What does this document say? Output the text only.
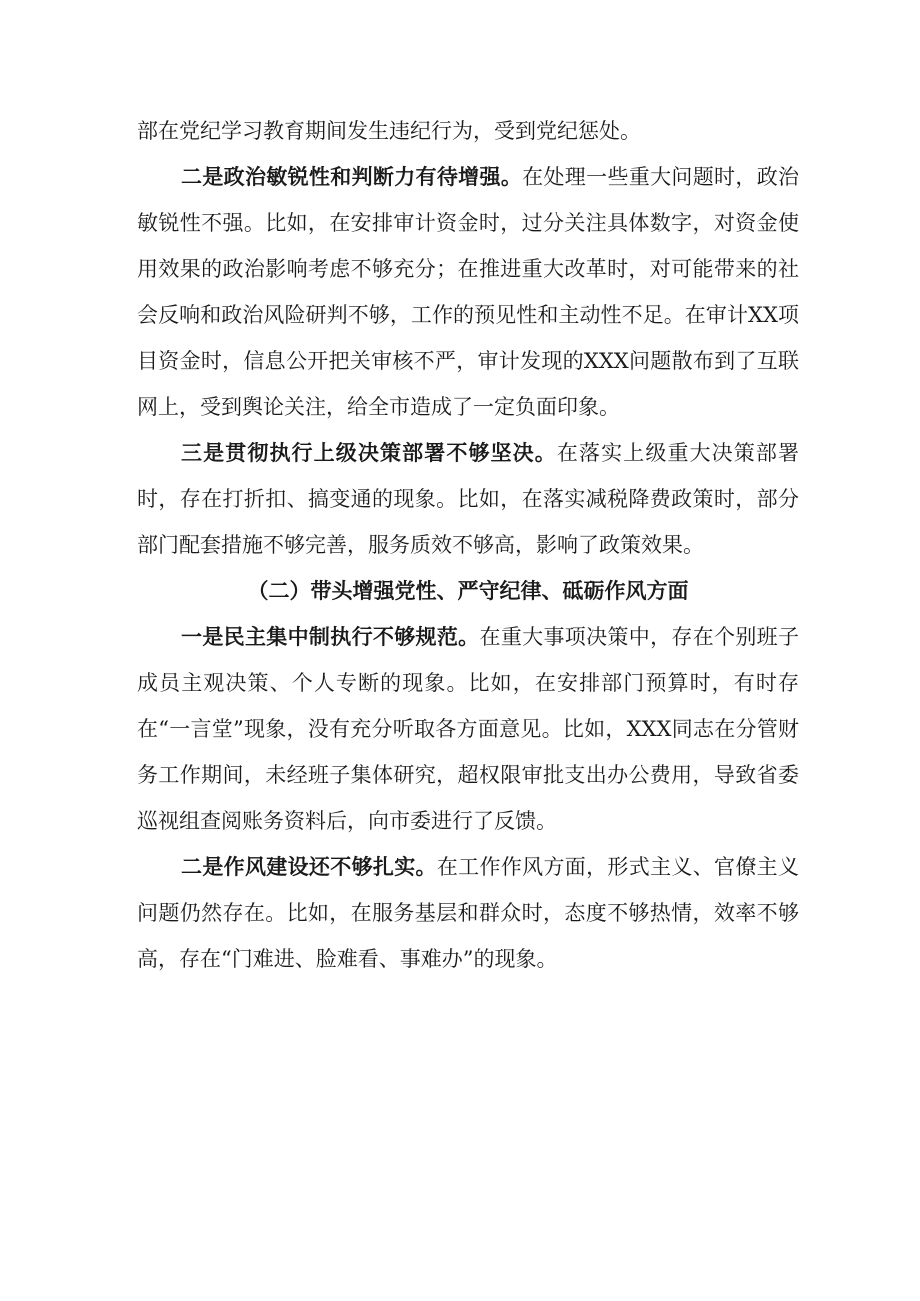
部在党纪学习教育期间发生违纪行为，受到党纪惩处。

二是政治敏锐性和判断力有待增强。在处理一些重大问题时，政治敏锐性不强。比如，在安排审计资金时，过分关注具体数字，对资金使用效果的政治影响考虑不够充分；在推进重大改革时，对可能带来的社会反响和政治风险研判不够，工作的预见性和主动性不足。在审计XX项目资金时，信息公开把关审核不严，审计发现的XXX问题散布到了互联网上，受到舆论关注，给全市造成了一定负面印象。

三是贯彻执行上级决策部署不够坚决。在落实上级重大决策部署时，存在打折扣、搞变通的现象。比如，在落实减税降费政策时，部分部门配套措施不够完善，服务质效不够高，影响了政策效果。

（二）带头增强党性、严守纪律、砥砺作风方面

一是民主集中制执行不够规范。在重大事项决策中，存在个别班子成员主观决策、个人专断的现象。比如，在安排部门预算时，有时存在“一言堂”现象，没有充分听取各方面意见。比如，XXX同志在分管财务工作期间，未经班子集体研究，超权限审批支出办公费用，导致省委巡视组查阅账务资料后，向市委进行了反馈。

二是作风建设还不够扎实。在工作作风方面，形式主义、官僚主义问题仍然存在。比如，在服务基层和群众时，态度不够热情，效率不够高，存在“门难进、脸难看、事难办”的现象。
